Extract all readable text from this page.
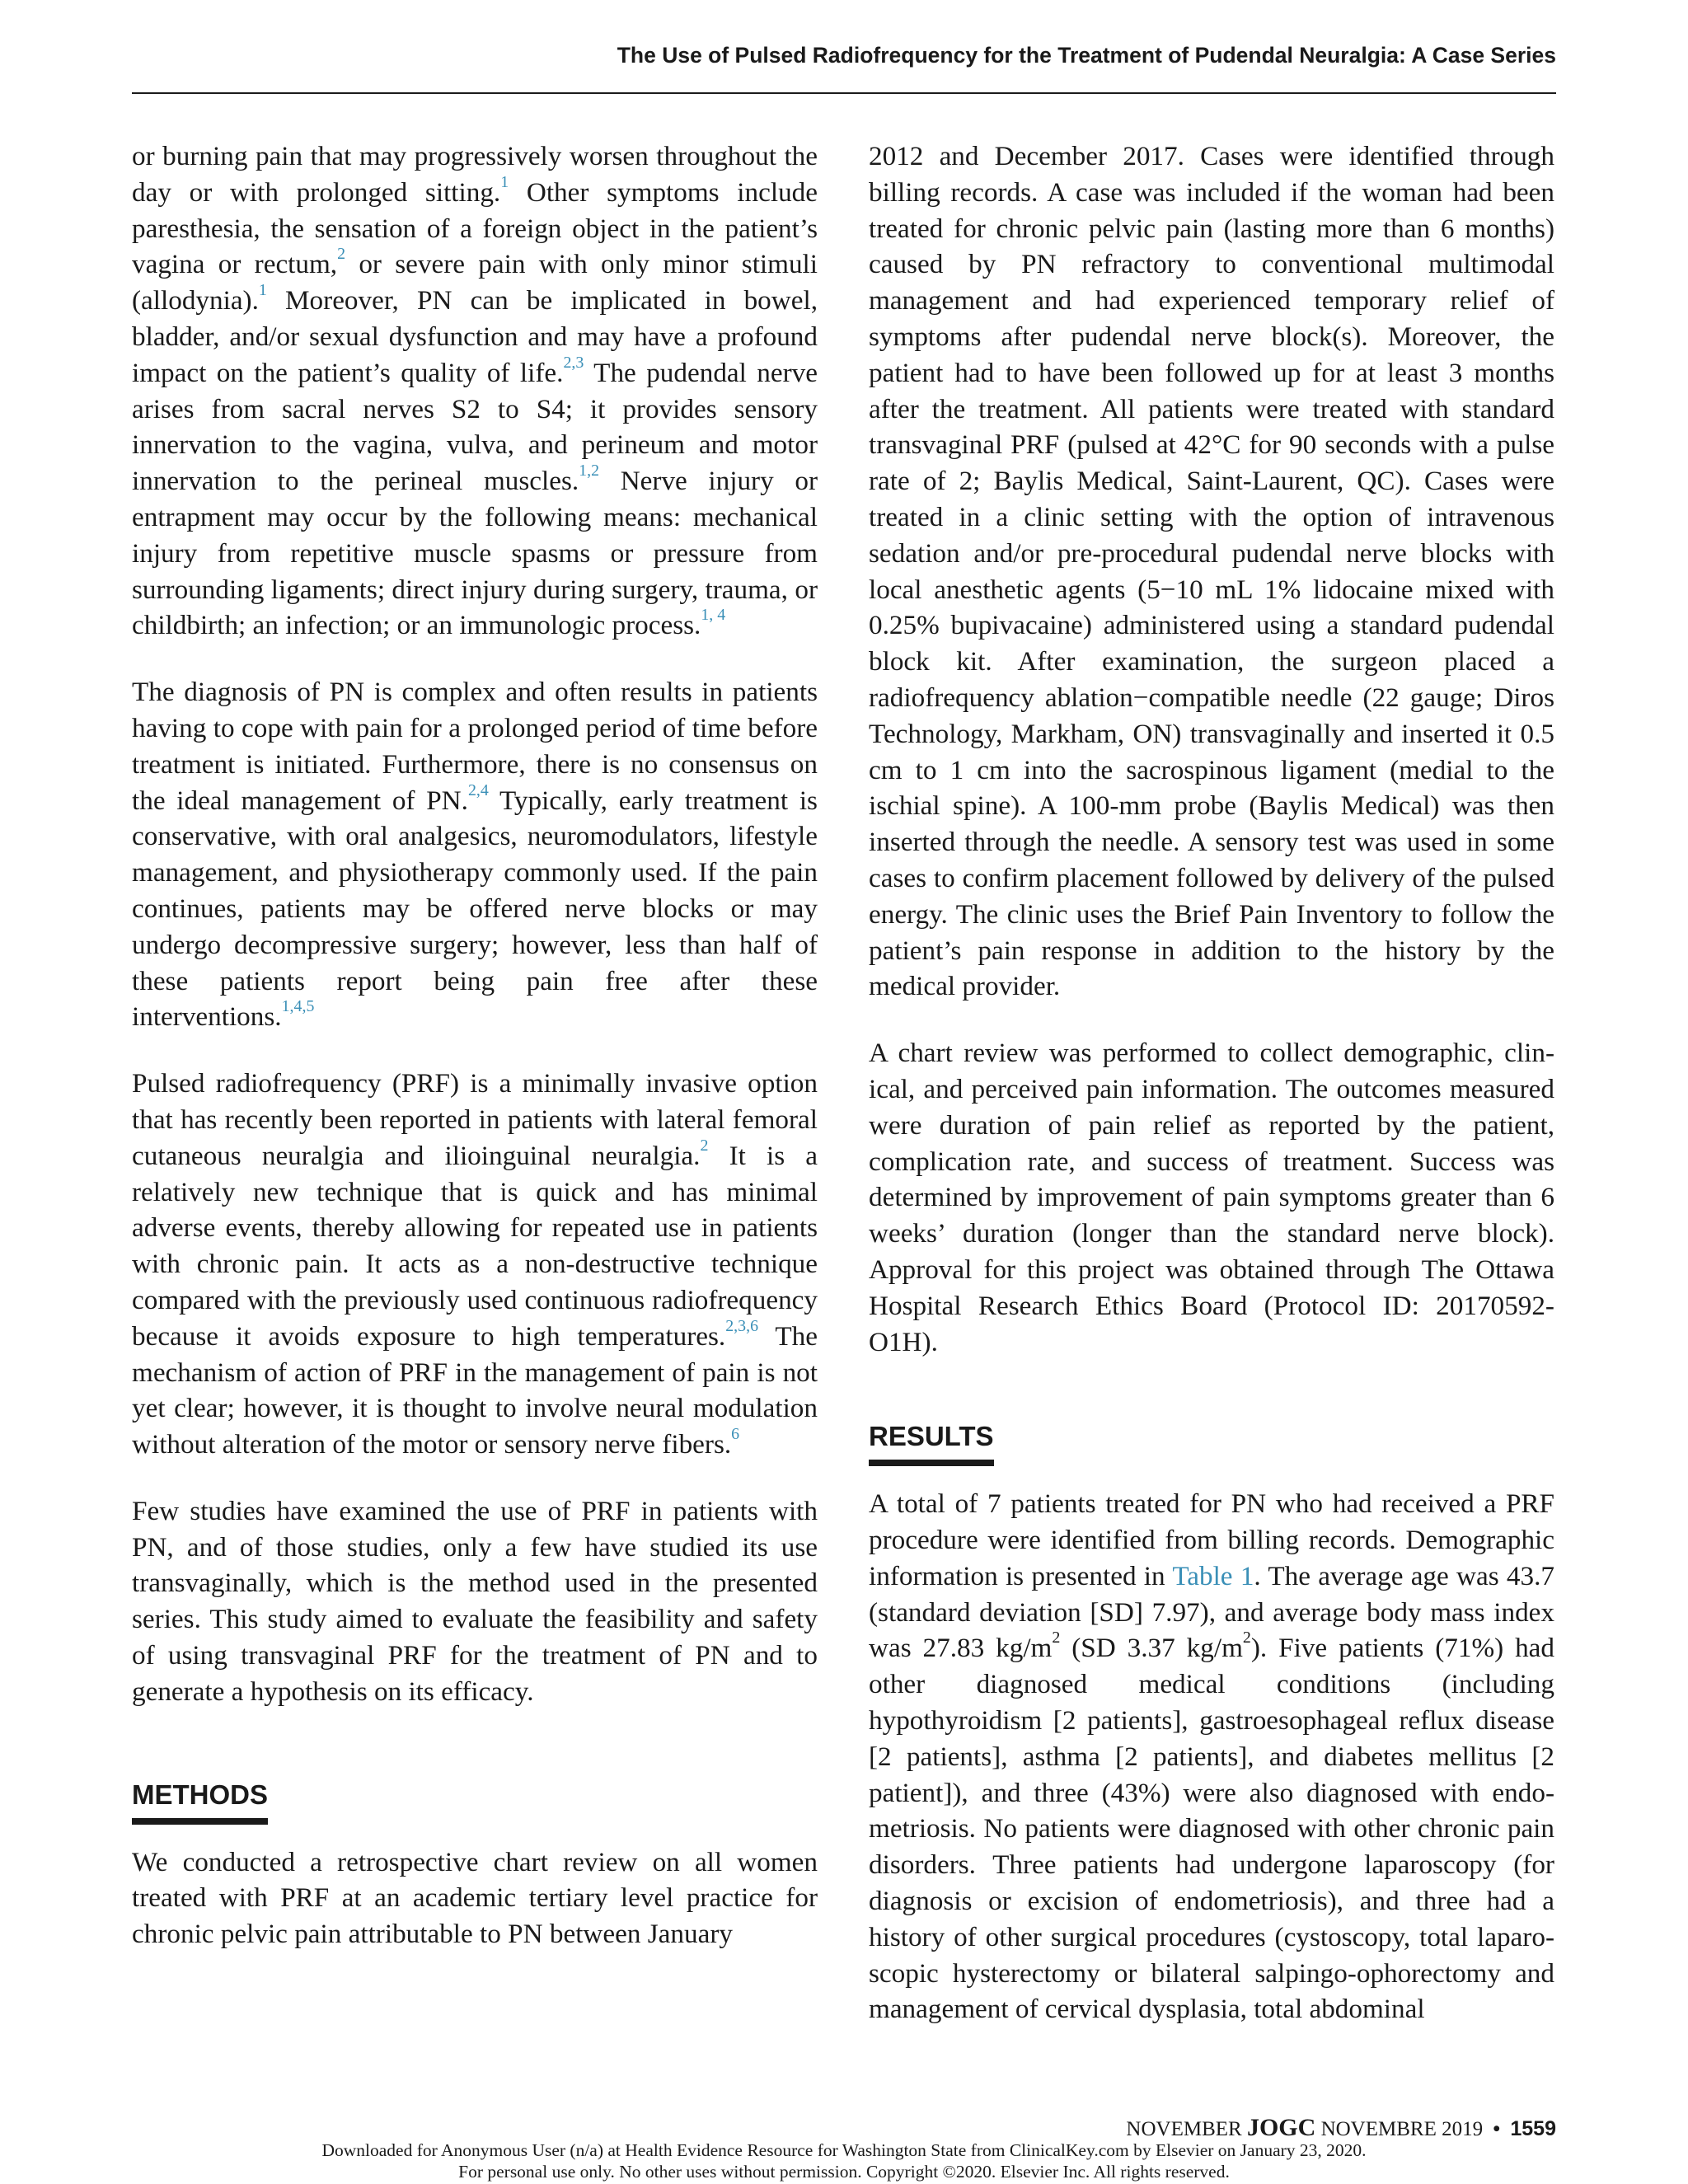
The Use of Pulsed Radiofrequency for the Treatment of Pudendal Neuralgia: A Case Series

or burning pain that may progressively worsen throughout the day or with prolonged sitting.$^1$ Other symptoms include paresthesia, the sensation of a foreign object in the patient’s vagina or rectum,$^2$ or severe pain with only minor stimuli (allodynia).$^1$ Moreover, PN can be implicated in bowel, bladder, and/or sexual dysfunction and may have a profound impact on the patient’s quality of life.$^{2,3}$ The pudendal nerve arises from sacral nerves S2 to S4; it provides sensory innervation to the vagina, vulva, and perineum and motor innervation to the perineal muscles.$^{1,2}$ Nerve injury or entrapment may occur by the following means: mechanical injury from repetitive muscle spasms or pressure from surrounding ligaments; direct injury during surgery, trauma, or childbirth; an infection; or an immunologic process.$^{1, 4}$

The diagnosis of PN is complex and often results in patients having to cope with pain for a prolonged period of time before treatment is initiated. Furthermore, there is no consensus on the ideal management of PN.$^{2,4}$ Typically, early treatment is conservative, with oral analgesics, neuromodulators, lifestyle management, and physiotherapy commonly used. If the pain continues, patients may be offered nerve blocks or may undergo decompressive surgery; however, less than half of these patients report being pain free after these interventions.$^{1,4,5}$

Pulsed radiofrequency (PRF) is a minimally invasive option that has recently been reported in patients with lateral femoral cutaneous neuralgia and ilioinguinal neuralgia.$^2$ It is a relatively new technique that is quick and has minimal adverse events, thereby allowing for repeated use in patients with chronic pain. It acts as a non-destructive technique compared with the previously used continuous radiofrequency because it avoids exposure to high temperatures.$^{2,3,6}$ The mechanism of action of PRF in the management of pain is not yet clear; however, it is thought to involve neural modulation without alteration of the motor or sensory nerve fibers.$^6$

Few studies have examined the use of PRF in patients with PN, and of those studies, only a few have studied its use transvaginally, which is the method used in the presented series. This study aimed to evaluate the feasibility and safety of using transvaginal PRF for the treatment of PN and to generate a hypothesis on its efficacy.

METHODS

We conducted a retrospective chart review on all women treated with PRF at an academic tertiary level practice for chronic pelvic pain attributable to PN between January

2012 and December 2017. Cases were identified through billing records. A case was included if the woman had been treated for chronic pelvic pain (lasting more than 6 months) caused by PN refractory to conventional multimodal management and had experienced temporary relief of symptoms after pudendal nerve block(s). Moreover, the patient had to have been followed up for at least 3 months after the treatment. All patients were treated with standard transvaginal PRF (pulsed at 42°C for 90 seconds with a pulse rate of 2; Baylis Medical, Saint-Laurent, QC). Cases were treated in a clinic setting with the option of intravenous sedation and/or pre-procedural pudendal nerve blocks with local anesthetic agents (5−10 mL 1% lidocaine mixed with 0.25% bupivacaine) administered using a standard pudendal block kit. After examination, the surgeon placed a radiofrequency ablation−compatible needle (22 gauge; Diros Technology, Markham, ON) transvaginally and inserted it 0.5 cm to 1 cm into the sacrospinous ligament (medial to the ischial spine). A 100-mm probe (Baylis Medical) was then inserted through the needle. A sensory test was used in some cases to confirm placement followed by delivery of the pulsed energy. The clinic uses the Brief Pain Inventory to follow the patient’s pain response in addition to the history by the medical provider.

A chart review was performed to collect demographic, clinical, and perceived pain information. The outcomes measured were duration of pain relief as reported by the patient, complication rate, and success of treatment. Success was determined by improvement of pain symptoms greater than 6 weeks’ duration (longer than the standard nerve block). Approval for this project was obtained through The Ottawa Hospital Research Ethics Board (Protocol ID: 20170592-O1H).

RESULTS

A total of 7 patients treated for PN who had received a PRF procedure were identified from billing records. Demographic information is presented in Table 1. The average age was 43.7 (standard deviation [SD] 7.97), and average body mass index was 27.83 $kg/m^2$ (SD 3.37 $kg/m^2$). Five patients (71%) had other diagnosed medical conditions (including hypothyroidism [2 patients], gastroesophageal reflux disease [2 patients], asthma [2 patients], and diabetes mellitus [2 patient]), and three (43%) were also diagnosed with endometriosis. No patients were diagnosed with other chronic pain disorders. Three patients had undergone laparoscopy (for diagnosis or excision of endometriosis), and three had a history of other surgical procedures (cystoscopy, total laparoscopic hysterectomy or bilateral salpingo-ophorectomy and management of cervical dysplasia, total abdominal

NOVEMBER JOGC NOVEMBRE 2019 • 1559
Downloaded for Anonymous User (n/a) at Health Evidence Resource for Washington State from ClinicalKey.com by Elsevier on January 23, 2020.
For personal use only. No other uses without permission. Copyright ©2020. Elsevier Inc. All rights reserved.
